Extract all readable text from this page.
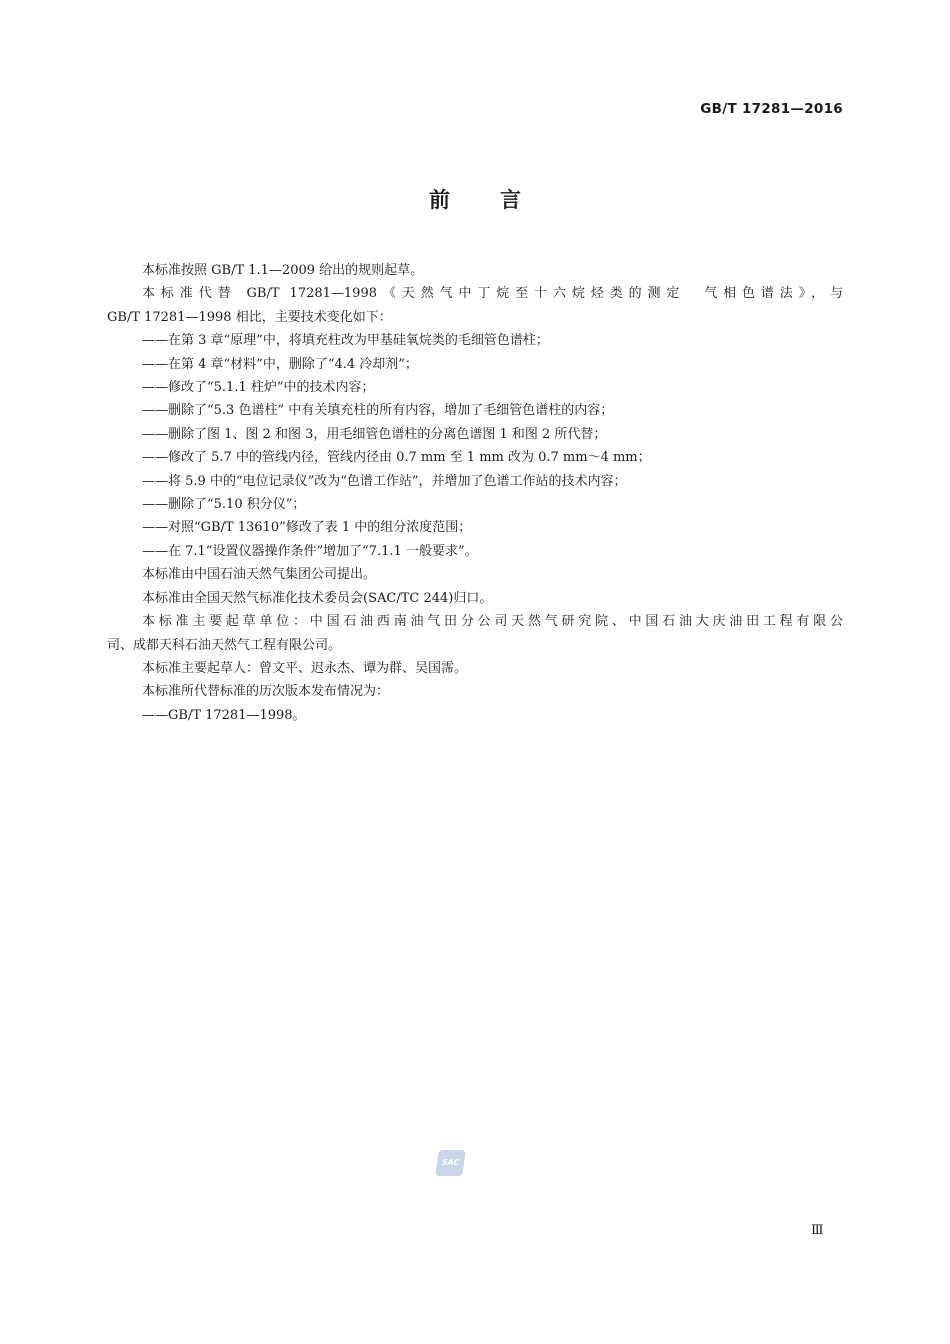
GB/T 17281—2016
前言

本标准按照 GB/T 1.1—2009 给出的规则起草。

本标准代替 GB/T 17281—1998《天然气中丁烷至十六烷烃类的测定　气相色谱法》，与

GB/T 17281—1998 相比，主要技术变化如下：

——在第 3 章“原理”中，将填充柱改为甲基硅氧烷类的毛细管色谱柱；

——在第 4 章“材料”中，删除了“4.4 冷却剂”；

——修改了“5.1.1 柱炉”中的技术内容；

——删除了“5.3 色谱柱” 中有关填充柱的所有内容，增加了毛细管色谱柱的内容；

——删除了图 1、图 2 和图 3，用毛细管色谱柱的分离色谱图 1 和图 2 所代替；

——修改了 5.7 中的管线内径，管线内径由 0.7 mm 至 1 mm 改为 0.7 mm～4 mm；

——将 5.9 中的“电位记录仪”改为“色谱工作站”，并增加了色谱工作站的技术内容；

——删除了“5.10 积分仪”；

——对照“GB/T 13610”修改了表 1 中的组分浓度范围；

——在 7.1“设置仪器操作条件”增加了“7.1.1 一般要求”。

本标准由中国石油天然气集团公司提出。

本标准由全国天然气标准化技术委员会(SAC/TC 244)归口。

本标准主要起草单位：中国石油西南油气田分公司天然气研究院、中国石油大庆油田工程有限公

司、成都天科石油天然气工程有限公司。

本标准主要起草人：曾文平、迟永杰、谭为群、吴国霈。

本标准所代替标准的历次版本发布情况为：

——GB/T 17281—1998。

SAC
Ⅲ
